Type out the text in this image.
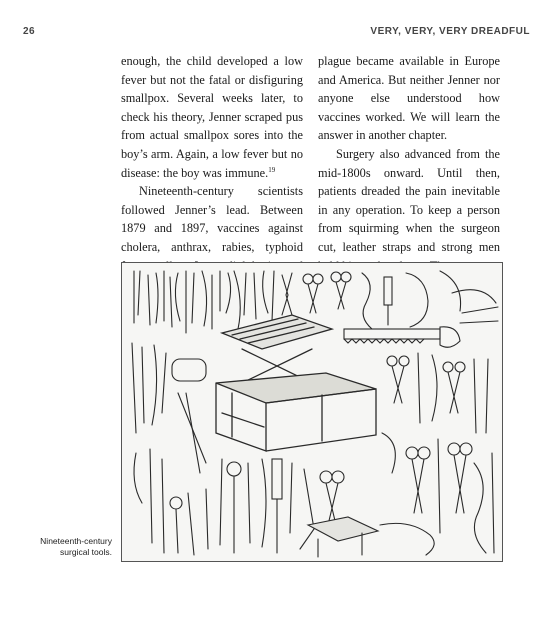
26	VERY, VERY, VERY DREADFUL

enough, the child developed a low fever but not the fatal or disfiguring smallpox. Several weeks later, to check his theory, Jenner scraped pus from actual smallpox sores into the boy’s arm. Again, a low fever but no disease: the boy was immune.$^{19}$

Nineteenth-century scientists followed Jenner’s lead. Between 1879 and 1897, vaccines against cholera, anthrax, rabies, typhoid

plague became available in Europe and America. But neither Jenner nor anyone else understood how vaccines worked. We will learn the answer in another chapter.

Surgery also advanced from the mid-1800s onward. Until then, patients dreaded the pain inevitable in any operation. To keep a person from squirming when the surgeon cut, leather straps and strong men

Nineteenth-century surgical tools.
